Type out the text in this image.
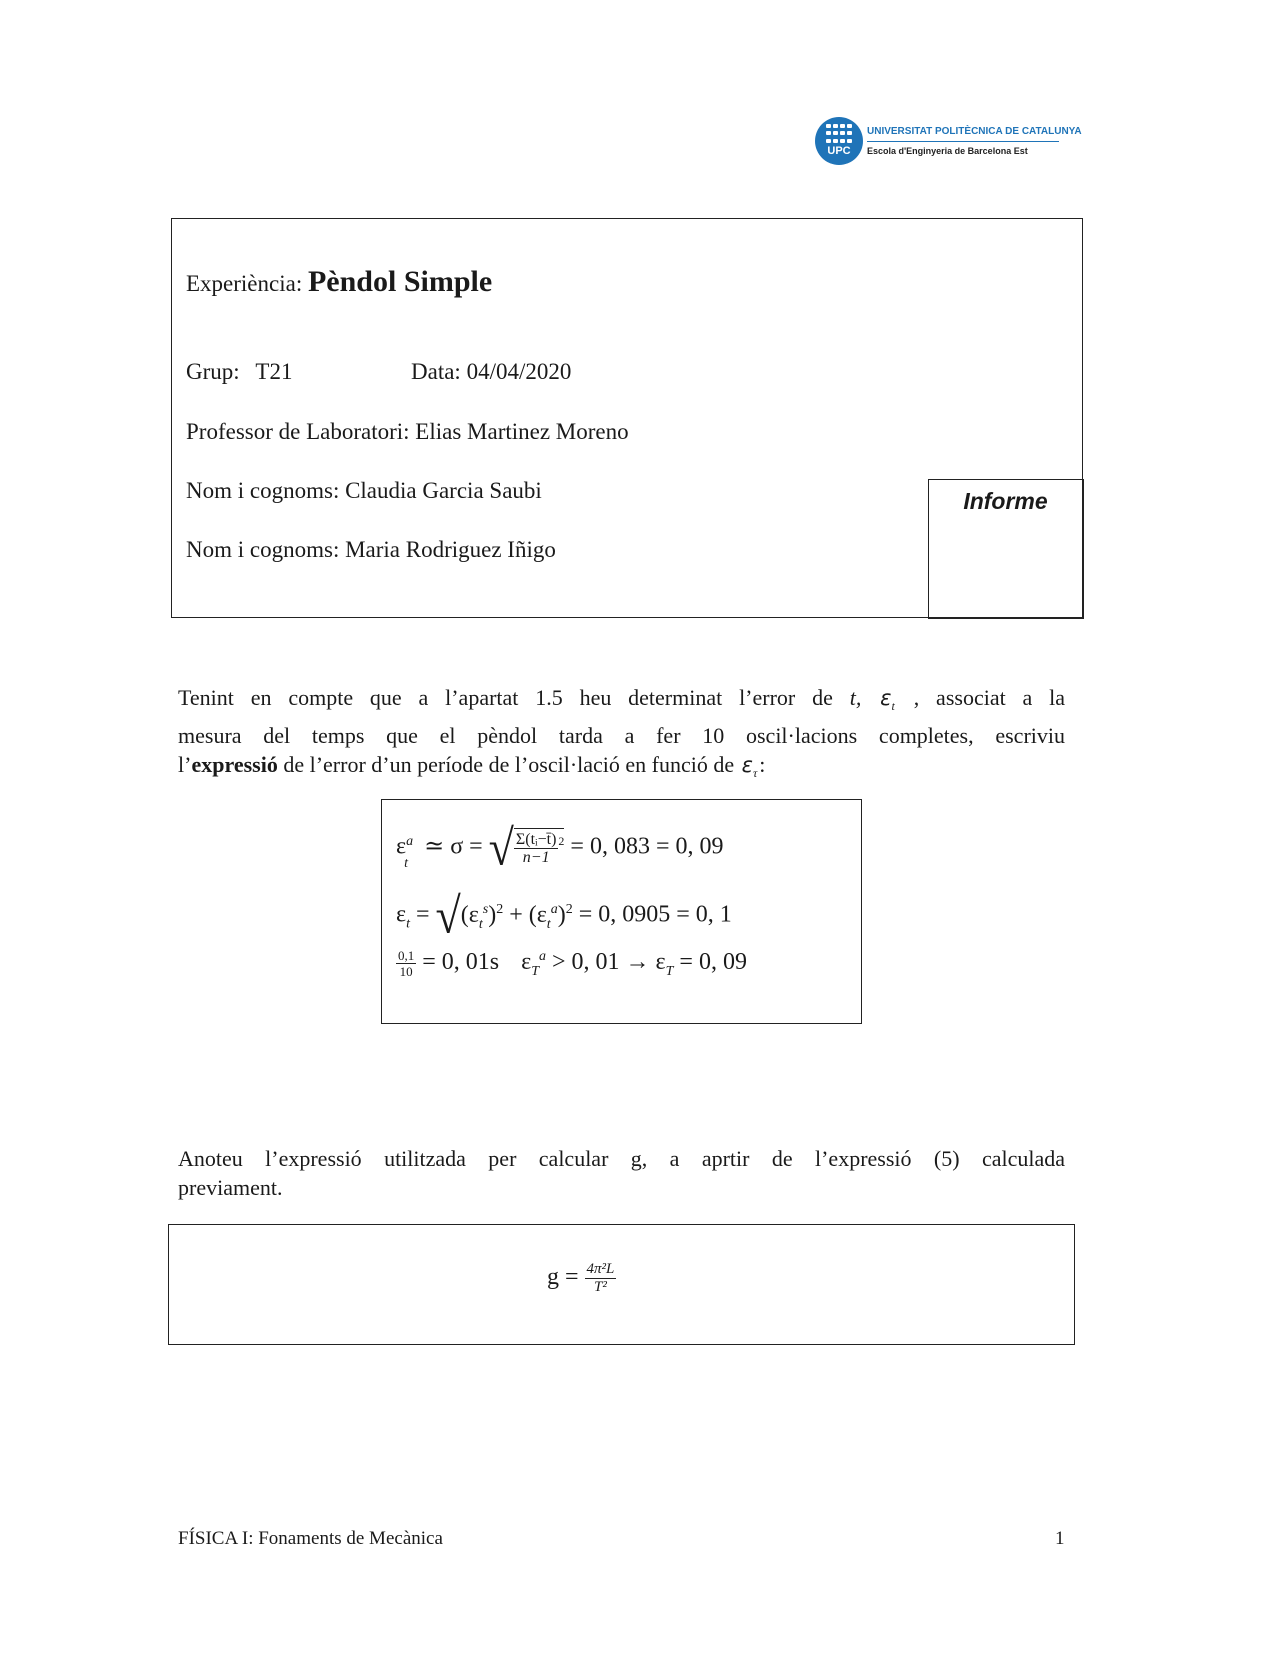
UPC
UNIVERSITAT POLITÈCNICA DE CATALUNYA
Escola d'Enginyeria de Barcelona Est
Experiència: Pèndol Simple
Grup: T21	Data: 04/04/2020
Professor de Laboratori: Elias Martinez Moreno
Nom i cognoms: Claudia Garcia Saubi
Nom i cognoms: Maria Rodriguez Iñigo
Informe
Tenint en compte que a l’apartat 1.5 heu determinat l’error de t, $\varepsilon_t$ , associat a la
mesura del temps que el pèndol tarda a fer 10 oscil·lacions completes, escriviu
l’expressió de l’error d’un període de l’oscil·lació en funció de $\varepsilon_\tau$:
ε a
t
≃ σ = √ $\frac{\text{Σ(tᵢ−t̄)}}{n-1} ^2 = 0$, 083 = 0, 09
$\varepsilon_t = √(\varepsilon_t^s)^2 + (\varepsilon_t^a)^2 = 0$, 0905 = 0, 1
$\frac{0,1}{10} = 0$, 01s $\varepsilon_T^a > 0$, $01 \to \varepsilon_T = 0$, 09
Anoteu l’expressió utilitzada per calcular g, a aprtir de l’expressió (5) calculada
previament.
$g = \frac{\text{4π²L}}{\text{T²}}$
FÍSICA I: Fonaments de Mecànica	1
